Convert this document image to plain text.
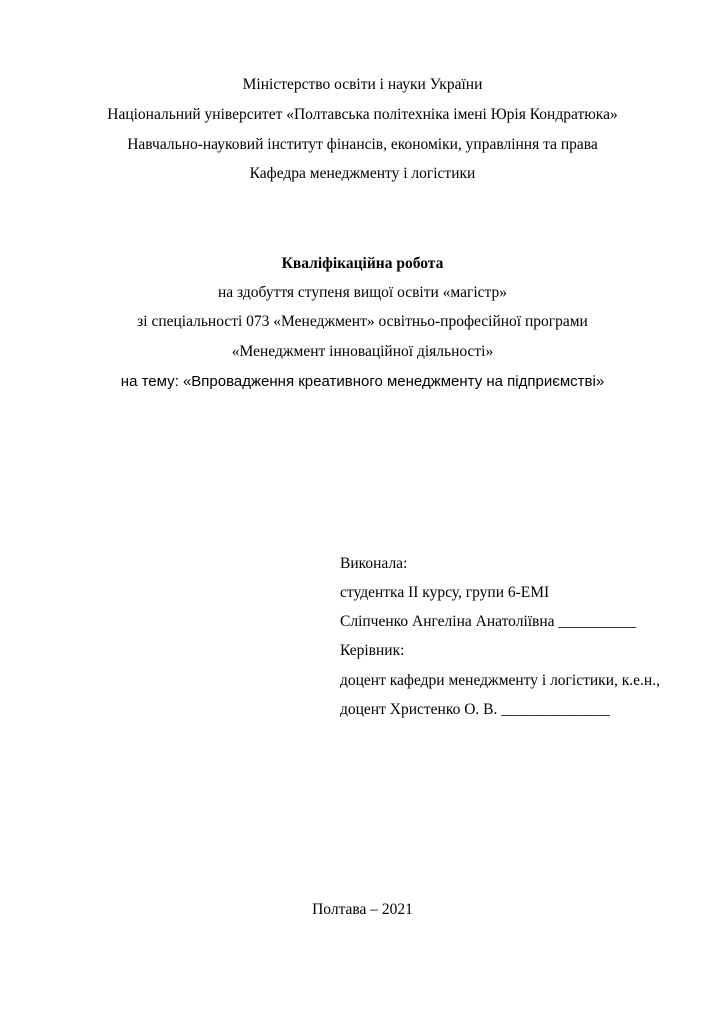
Міністерство освіти і науки України
Національний університет «Полтавська політехніка імені Юрія Кондратюка»
Навчально-науковий інститут фінансів, економіки, управління та права
Кафедра менеджменту і логістики
Кваліфікаційна робота
на здобуття ступеня вищої освіти «магістр»
зі спеціальності 073 «Менеджмент» освітньо-професійної програми
«Менеджмент інноваційної діяльності»
на тему: «Впровадження креативного менеджменту на підприємстві»
Виконала:
студентка II курсу, групи 6-ЕМІ
Сліпченко Ангеліна Анатоліївна __________
Керівник:
доцент кафедри менеджменту і логістики, к.е.н.,
доцент Христенко О. В. ______________
Полтава – 2021
